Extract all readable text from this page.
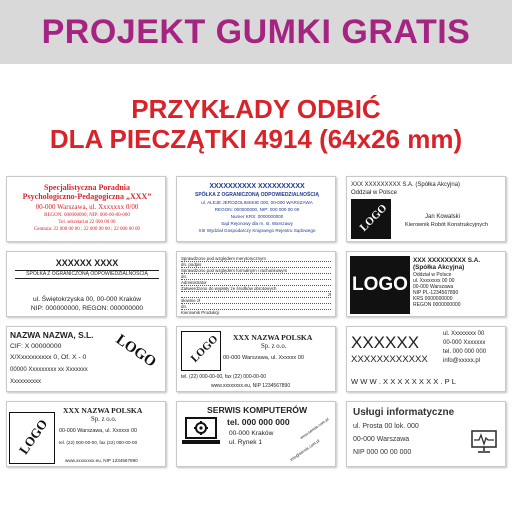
PROJEKT GUMKI GRATIS
PRZYKŁADY ODBIĆ
DLA PIECZĄTKI 4914 (64x26 mm)
Specjalistyczna Poradnia
Psychologiczno-Pedagogiczna „XXX”
00-000 Warszawa, ul. Xxxxxxx 0/00
REGON: 000000000; NIP: 000-00-00-000
Tel. sekretariat 22 000 00 00
Centrala: 22 000 00 00 ; 22 000 00 00 ; 22 000 00 00
XXXXXXXXXX XXXXXXXXXX
SPÓŁKA Z OGRANICZONĄ ODPOWIEDZIALNOŚCIĄ
ul. ALEJE JEROZOLIMSKIE 000, 00-000 WARSZAWA
REGON: 000000000, NIP: 000 000 00 00
Numer KRS: 0000000000
Sąd Rejonowy dla m. st. Warszawy
XIII Wydział Gospodarczy Krajowego Rejestru Sądowego
XXX XXXXXXXXX S.A. (Spółka Akcyjna)
Oddział w Polsce
LOGO	Jan Kowalski
Kierownik Robót Konstrukcyjnych
XXXXXX XXXX
SPÓŁKA Z OGRANICZONĄ ODPOWIEDZIALNOŚCIĄ
ul. Świętokrzyska 00, 00-000 Kraków
NIP: 000000000, REGON: 000000000
Sprawdzono pod względem merytorycznym
dn. podpis
Sprawdzono pod względem formalnym i rachunkowym
dn.
Administrator
Zatwierdzono do wypłaty ze środków obrotowych
zł
słownie zł
dn.
Kierownik Produkcji
LOGO
XXX XXXXXXXXX S.A.
(Spółka Akcyjna)
Oddział w Polsce
ul. Xxxxxxxx 00 00
00-000 Warszawa
NIP PL-1234567890
KRS 0000000000
REGON 0000000000
NAZWA NAZWA, S.L.
CIF: X 00000000
X/Xxxxxxxxxx 0, Of. X - 0
00000 Xxxxxxxxx xx Xxxxxxx
Xxxxxxxxxx
LOGO	LOGO XXX NAZWA POLSKA
Sp. z o.o.
00-000 Warszawa, ul. Xxxxxx 00
tel. (22) 000-00-00, fax (22) 000-00-00
www.xxxxxxxx.eu, NIP 1234567890
XXXXXX
XXXXXXXXXXXX
ul. Xxxxxxxx 00
00-000 Xxxxxxx
tel. 000 000 000
info@xxxxx.pl
W W W . X X X X X X X X . P L
LOGO
XXX NAZWA POLSKA
Sp. z o.o.
00-000 Warszawa, ul. Xxxxxx 00
tel. (22) 000-00-00, fax (22) 000-00-00
www.xxxxxxxx.eu, NIP 1234567890
SERWIS KOMPUTERÓW
tel. 000 000 000
00-000 Kraków
ul. Rynek 1
www.serwis.com.pl
info@serwis.com.pl
Usługi informatyczne
ul. Prosta 00 lok. 000
00-000 Warszawa
NIP 000 00 00 000
